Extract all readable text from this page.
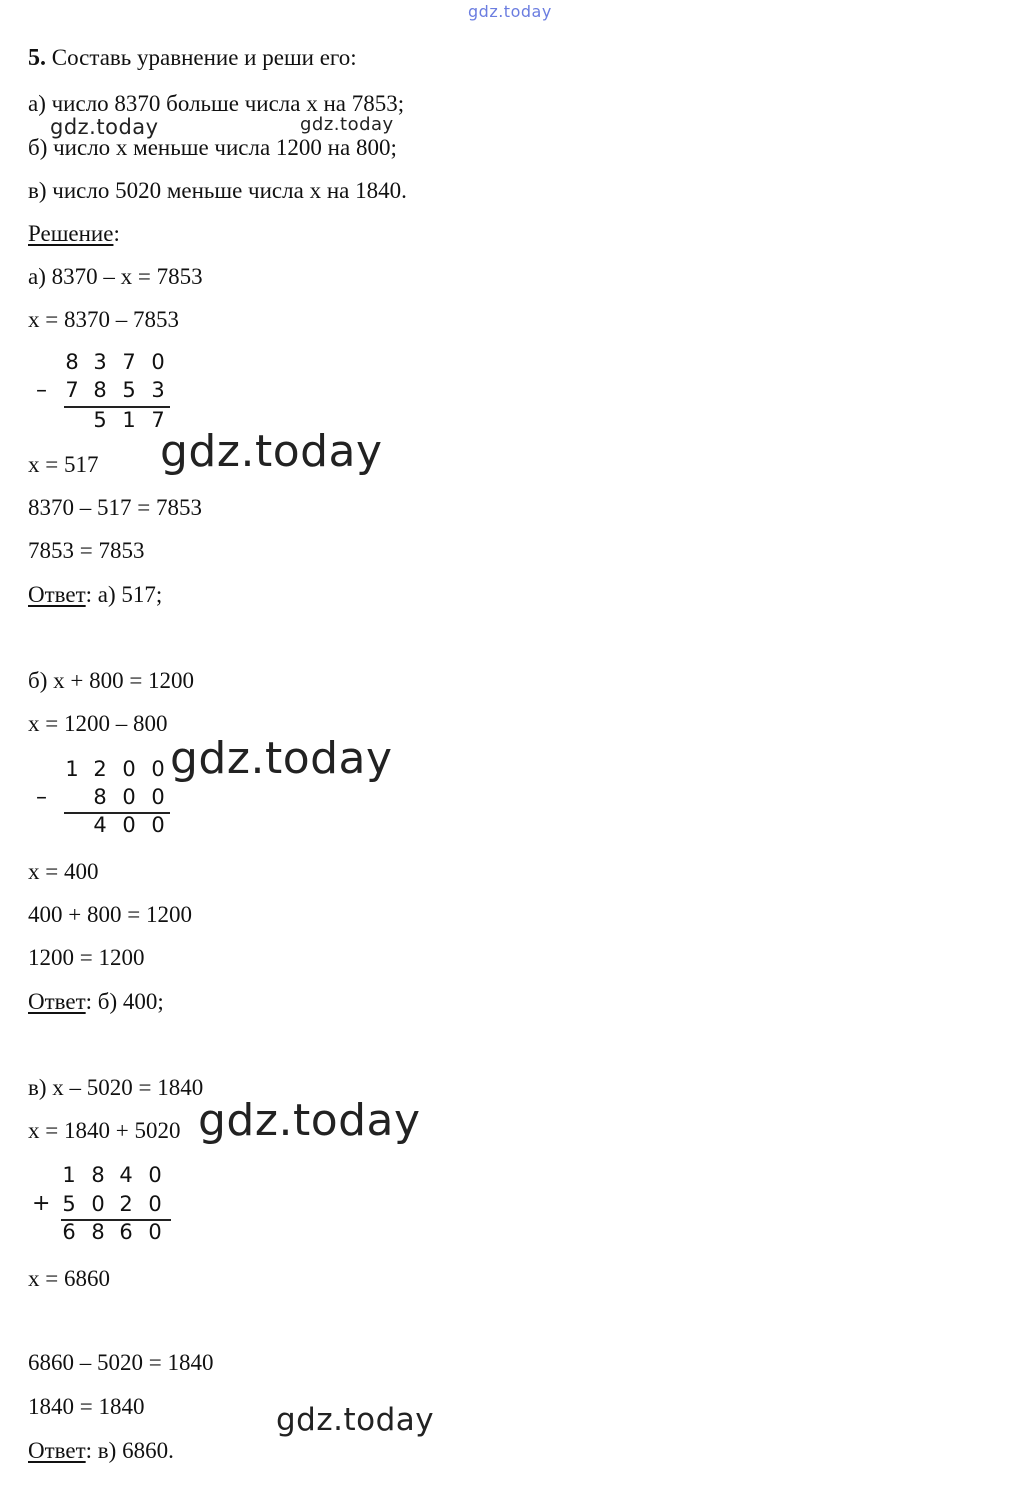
gdz.today
5. Составь уравнение и реши его:
а) число 8370 больше числа x на 7853;
gdz.today	gdz.today
б) число x меньше числа 1200 на 800;
в) число 5020 меньше числа x на 1840.
Решение:
а) 8370 – x = 7853
x = 8370 – 7853
8 3 7 0
– 7 8 5 3
5 1 7
gdz.today
x = 517
8370 – 517 = 7853
7853 = 7853
Ответ: а) 517;
б) x + 800 = 1200
x = 1200 – 800
1 2 0 0
– 8 0 0
4 0 0
gdz.today
x = 400
400 + 800 = 1200
1200 = 1200
Ответ: б) 400;
в) x – 5020 = 1840
x = 1840 + 5020 gdz.today
1 8 4 0
+ 5 0 2 0
6 8 6 0
x = 6860
6860 – 5020 = 1840
1840 = 1840	gdz.today
Ответ: в) 6860.
